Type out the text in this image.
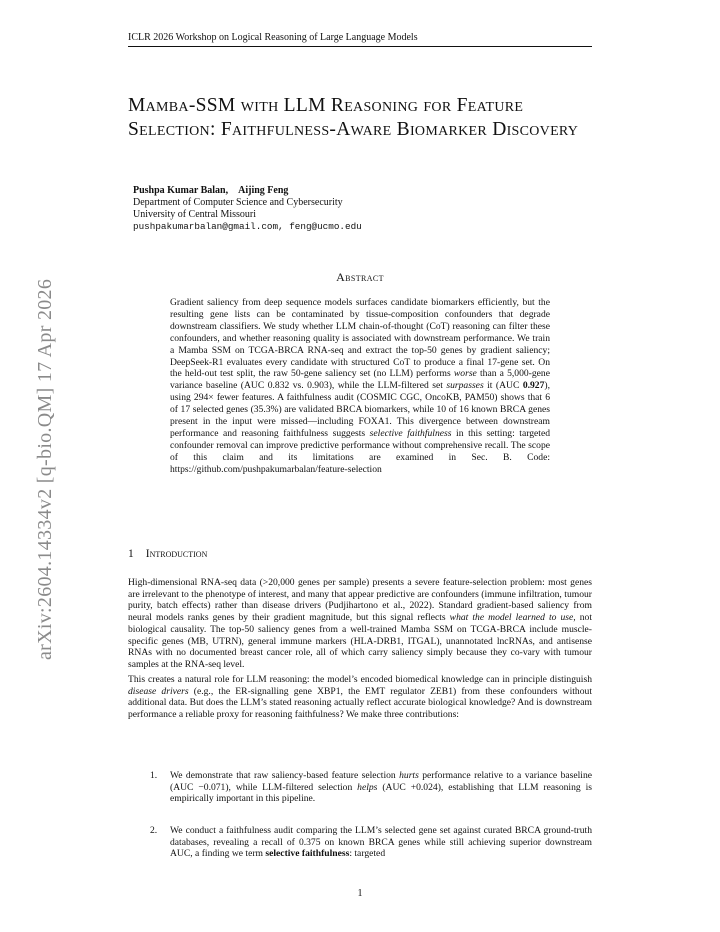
ICLR 2026 Workshop on Logical Reasoning of Large Language Models
arXiv:2604.14334v2 [q-bio.QM] 17 Apr 2026
Mamba-SSM with LLM Reasoning for Feature Selection: Faithfulness-Aware Biomarker Discovery
Pushpa Kumar Balan, Aijing Feng
Department of Computer Science and Cybersecurity
University of Central Missouri
pushpakumarbalan@gmail.com, feng@ucmo.edu
Abstract
Gradient saliency from deep sequence models surfaces candidate biomarkers efficiently, but the resulting gene lists can be contaminated by tissue-composition confounders that degrade downstream classifiers. We study whether LLM chain-of-thought (CoT) reasoning can filter these confounders, and whether reasoning quality is associated with downstream performance. We train a Mamba SSM on TCGA-BRCA RNA-seq and extract the top-50 genes by gradient saliency; DeepSeek-R1 evaluates every candidate with structured CoT to produce a final 17-gene set. On the held-out test split, the raw 50-gene saliency set (no LLM) performs worse than a 5,000-gene variance baseline (AUC 0.832 vs. 0.903), while the LLM-filtered set surpasses it (AUC 0.927), using 294× fewer features. A faithfulness audit (COSMIC CGC, OncoKB, PAM50) shows that 6 of 17 selected genes (35.3%) are validated BRCA biomarkers, while 10 of 16 known BRCA genes present in the input were missed—including FOXA1. This divergence between downstream performance and reasoning faithfulness suggests selective faithfulness in this setting: targeted confounder removal can improve predictive performance without comprehensive recall. The scope of this claim and its limitations are examined in Sec. B. Code: https://github.com/pushpakumarbalan/feature-selection
1 Introduction
High-dimensional RNA-seq data (>20,000 genes per sample) presents a severe feature-selection problem: most genes are irrelevant to the phenotype of interest, and many that appear predictive are confounders (immune infiltration, tumour purity, batch effects) rather than disease drivers (Pudjihartono et al., 2022). Standard gradient-based saliency from neural models ranks genes by their gradient magnitude, but this signal reflects what the model learned to use, not biological causality. The top-50 saliency genes from a well-trained Mamba SSM on TCGA-BRCA include muscle-specific genes (MB, UTRN), general immune markers (HLA-DRB1, ITGAL), unannotated lncRNAs, and antisense RNAs with no documented breast cancer role, all of which carry saliency simply because they co-vary with tumour samples at the RNA-seq level.
This creates a natural role for LLM reasoning: the model’s encoded biomedical knowledge can in principle distinguish disease drivers (e.g., the ER-signalling gene XBP1, the EMT regulator ZEB1) from these confounders without additional data. But does the LLM’s stated reasoning actually reflect accurate biological knowledge? And is downstream performance a reliable proxy for reasoning faithfulness? We make three contributions:
1. We demonstrate that raw saliency-based feature selection hurts performance relative to a variance baseline (AUC −0.071), while LLM-filtered selection helps (AUC +0.024), establishing that LLM reasoning is empirically important in this pipeline.
2. We conduct a faithfulness audit comparing the LLM’s selected gene set against curated BRCA ground-truth databases, revealing a recall of 0.375 on known BRCA genes while still achieving superior downstream AUC, a finding we term selective faithfulness: targeted
1
